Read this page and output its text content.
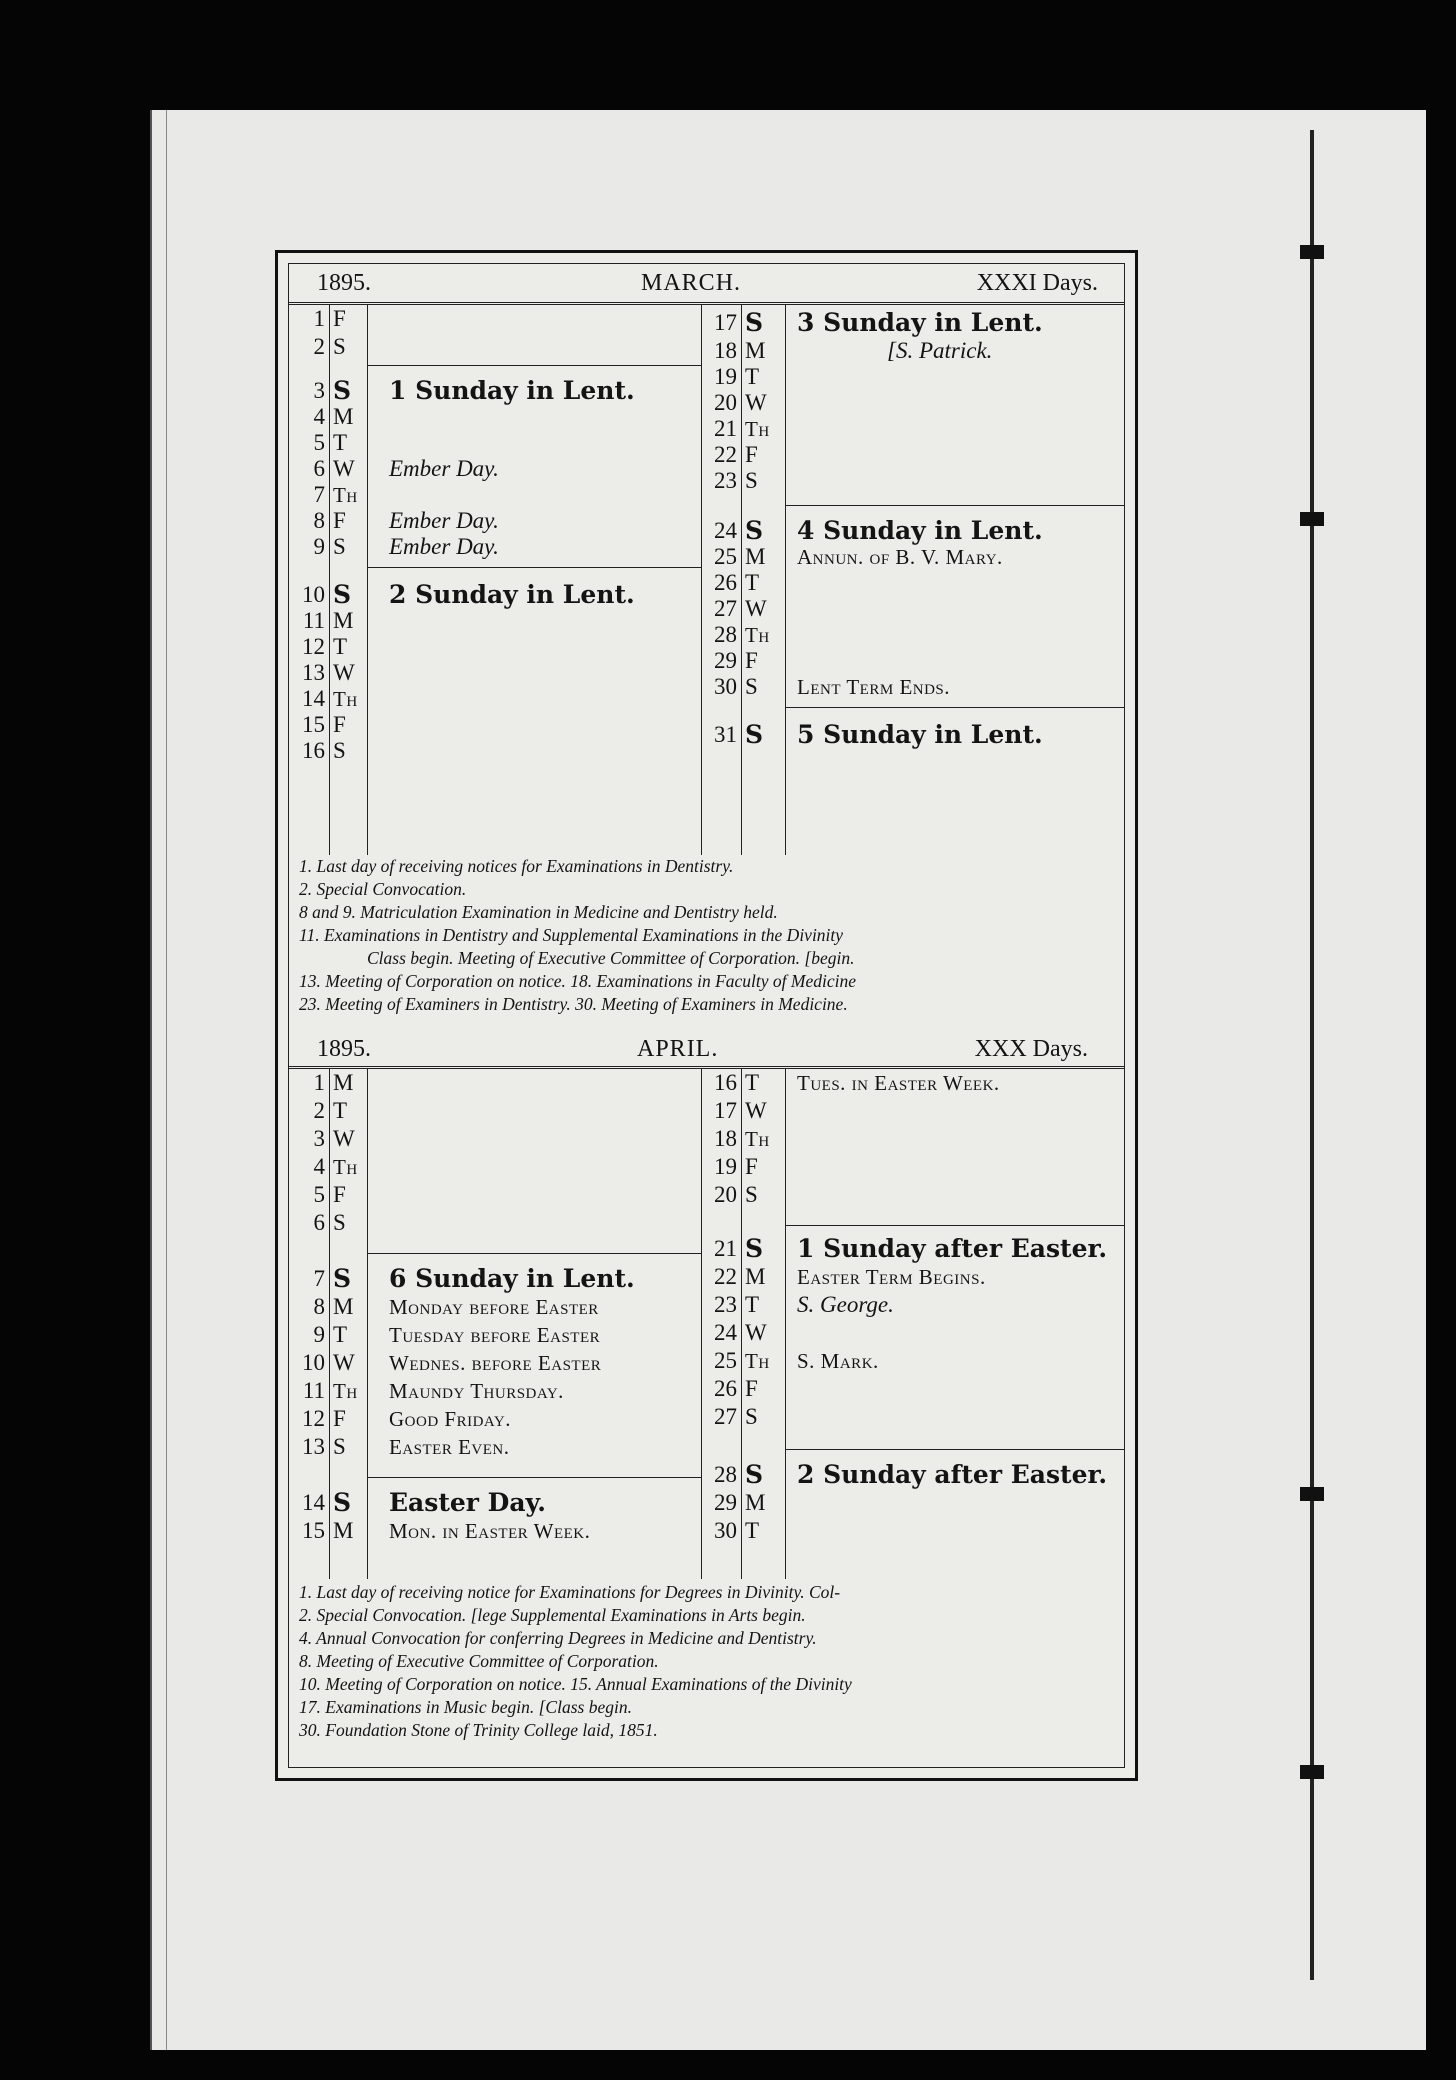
1895.	MARCH.	XXXI Days.
1 F
2 S
3 S	1 Sunday in Lent.
4 M
5 T
6 W	Ember Day.
7 Th
8 F	Ember Day.
9 S	Ember Day.
10 S	2 Sunday in Lent.
11 M
12 T
13 W
14 Th
15 F
16 S
17 S	3 Sunday in Lent.
18 M	[S. Patrick.
19 T
20 W
21 Th
22 F
23 S
24 S	4 Sunday in Lent.
25 M	Annun. of B. V. Mary.
26 T
27 W
28 Th
29 F
30 S	Lent Term Ends.
31 S	5 Sunday in Lent.
1. Last day of receiving notices for Examinations in Dentistry.
2. Special Convocation.
8 and 9. Matriculation Examination in Medicine and Dentistry held.
11. Examinations in Dentistry and Supplemental Examinations in the Divinity
Class begin. Meeting of Executive Committee of Corporation. [begin.
13. Meeting of Corporation on notice. 18. Examinations in Faculty of Medicine
23. Meeting of Examiners in Dentistry. 30. Meeting of Examiners in Medicine.
1895.	APRIL.	XXX Days.
1 M
2 T
3 W
4 Th
5 F
6 S
7 S	6 Sunday in Lent.
8 M	Monday before Easter
9 T	Tuesday before Easter
10 W	Wednes. before Easter
11 Th	Maundy Thursday.
12 F	Good Friday.
13 S	Easter Even.
14 S	Easter Day.
15 M	Mon. in Easter Week.
16 T	Tues. in Easter Week.
17 W
18 Th
19 F
20 S
21 S	1 Sunday after Easter.
22 M	Easter Term Begins.
23 T	S. George.
24 W
25 Th	S. Mark.
26 F
27 S
28 S	2 Sunday after Easter.
29 M
30 T
1. Last day of receiving notice for Examinations for Degrees in Divinity. Col-
2. Special Convocation. [lege Supplemental Examinations in Arts begin.
4. Annual Convocation for conferring Degrees in Medicine and Dentistry.
8. Meeting of Executive Committee of Corporation.
10. Meeting of Corporation on notice. 15. Annual Examinations of the Divinity
17. Examinations in Music begin. [Class begin.
30. Foundation Stone of Trinity College laid, 1851.
